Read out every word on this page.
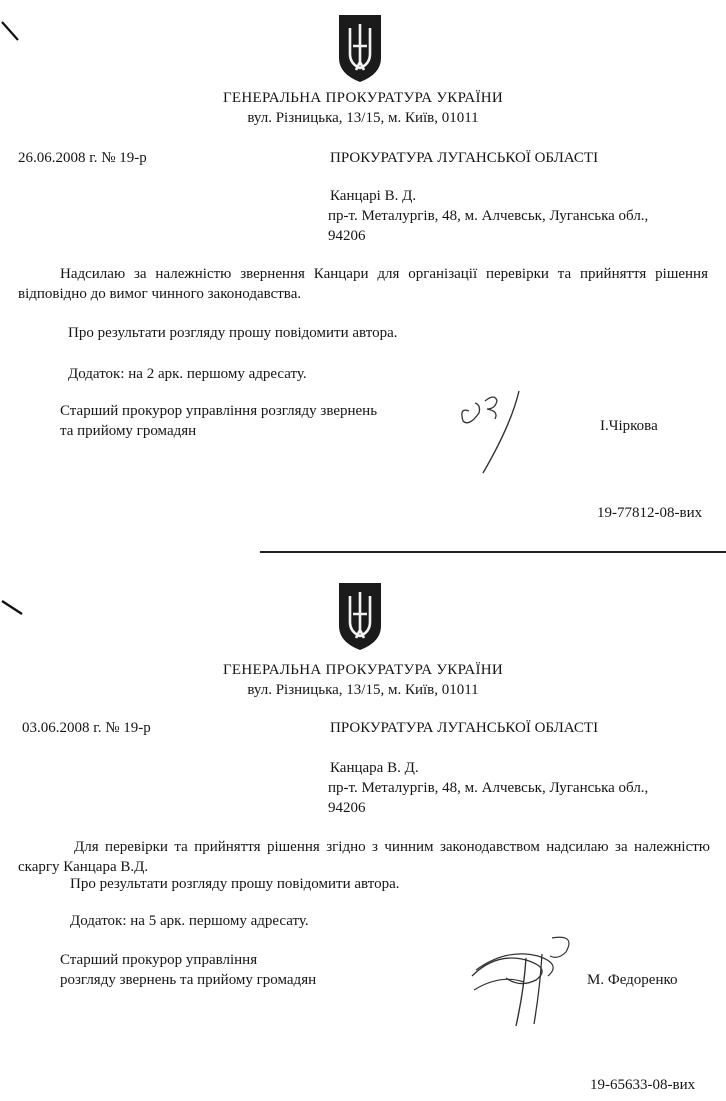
ГЕНЕРАЛЬНА ПРОКУРАТУРА УКРАЇНИ
вул. Різницька, 13/15, м. Київ, 01011
26.06.2008 г. № 19-р	ПРОКУРАТУРА ЛУГАНСЬКОЇ ОБЛАСТІ
Канцарі В. Д.
пр-т. Металургів, 48, м. Алчевськ, Луганська обл.,
94206
Надсилаю за належністю звернення Канцари для організації перевірки та прийняття рішення відповідно до вимог чинного законодавства.
Про результати розгляду прошу повідомити автора.
Додаток: на 2 арк. першому адресату.
Старший прокурор управління розгляду звернень
та прийому громадян	І.Чіркова
19-77812-08-вих
ГЕНЕРАЛЬНА ПРОКУРАТУРА УКРАЇНИ
вул. Різницька, 13/15, м. Київ, 01011
03.06.2008 г. № 19-р	ПРОКУРАТУРА ЛУГАНСЬКОЇ ОБЛАСТІ
Канцара В. Д.
пр-т. Металургів, 48, м. Алчевськ, Луганська обл.,
94206
Для перевірки та прийняття рішення згідно з чинним законодавством надсилаю за належністю скаргу Канцара В.Д.
Про результати розгляду прошу повідомити автора.
Додаток: на 5 арк. першому адресату.
Старший прокурор управління
розгляду звернень та прийому громадян	М. Федоренко
19-65633-08-вих
